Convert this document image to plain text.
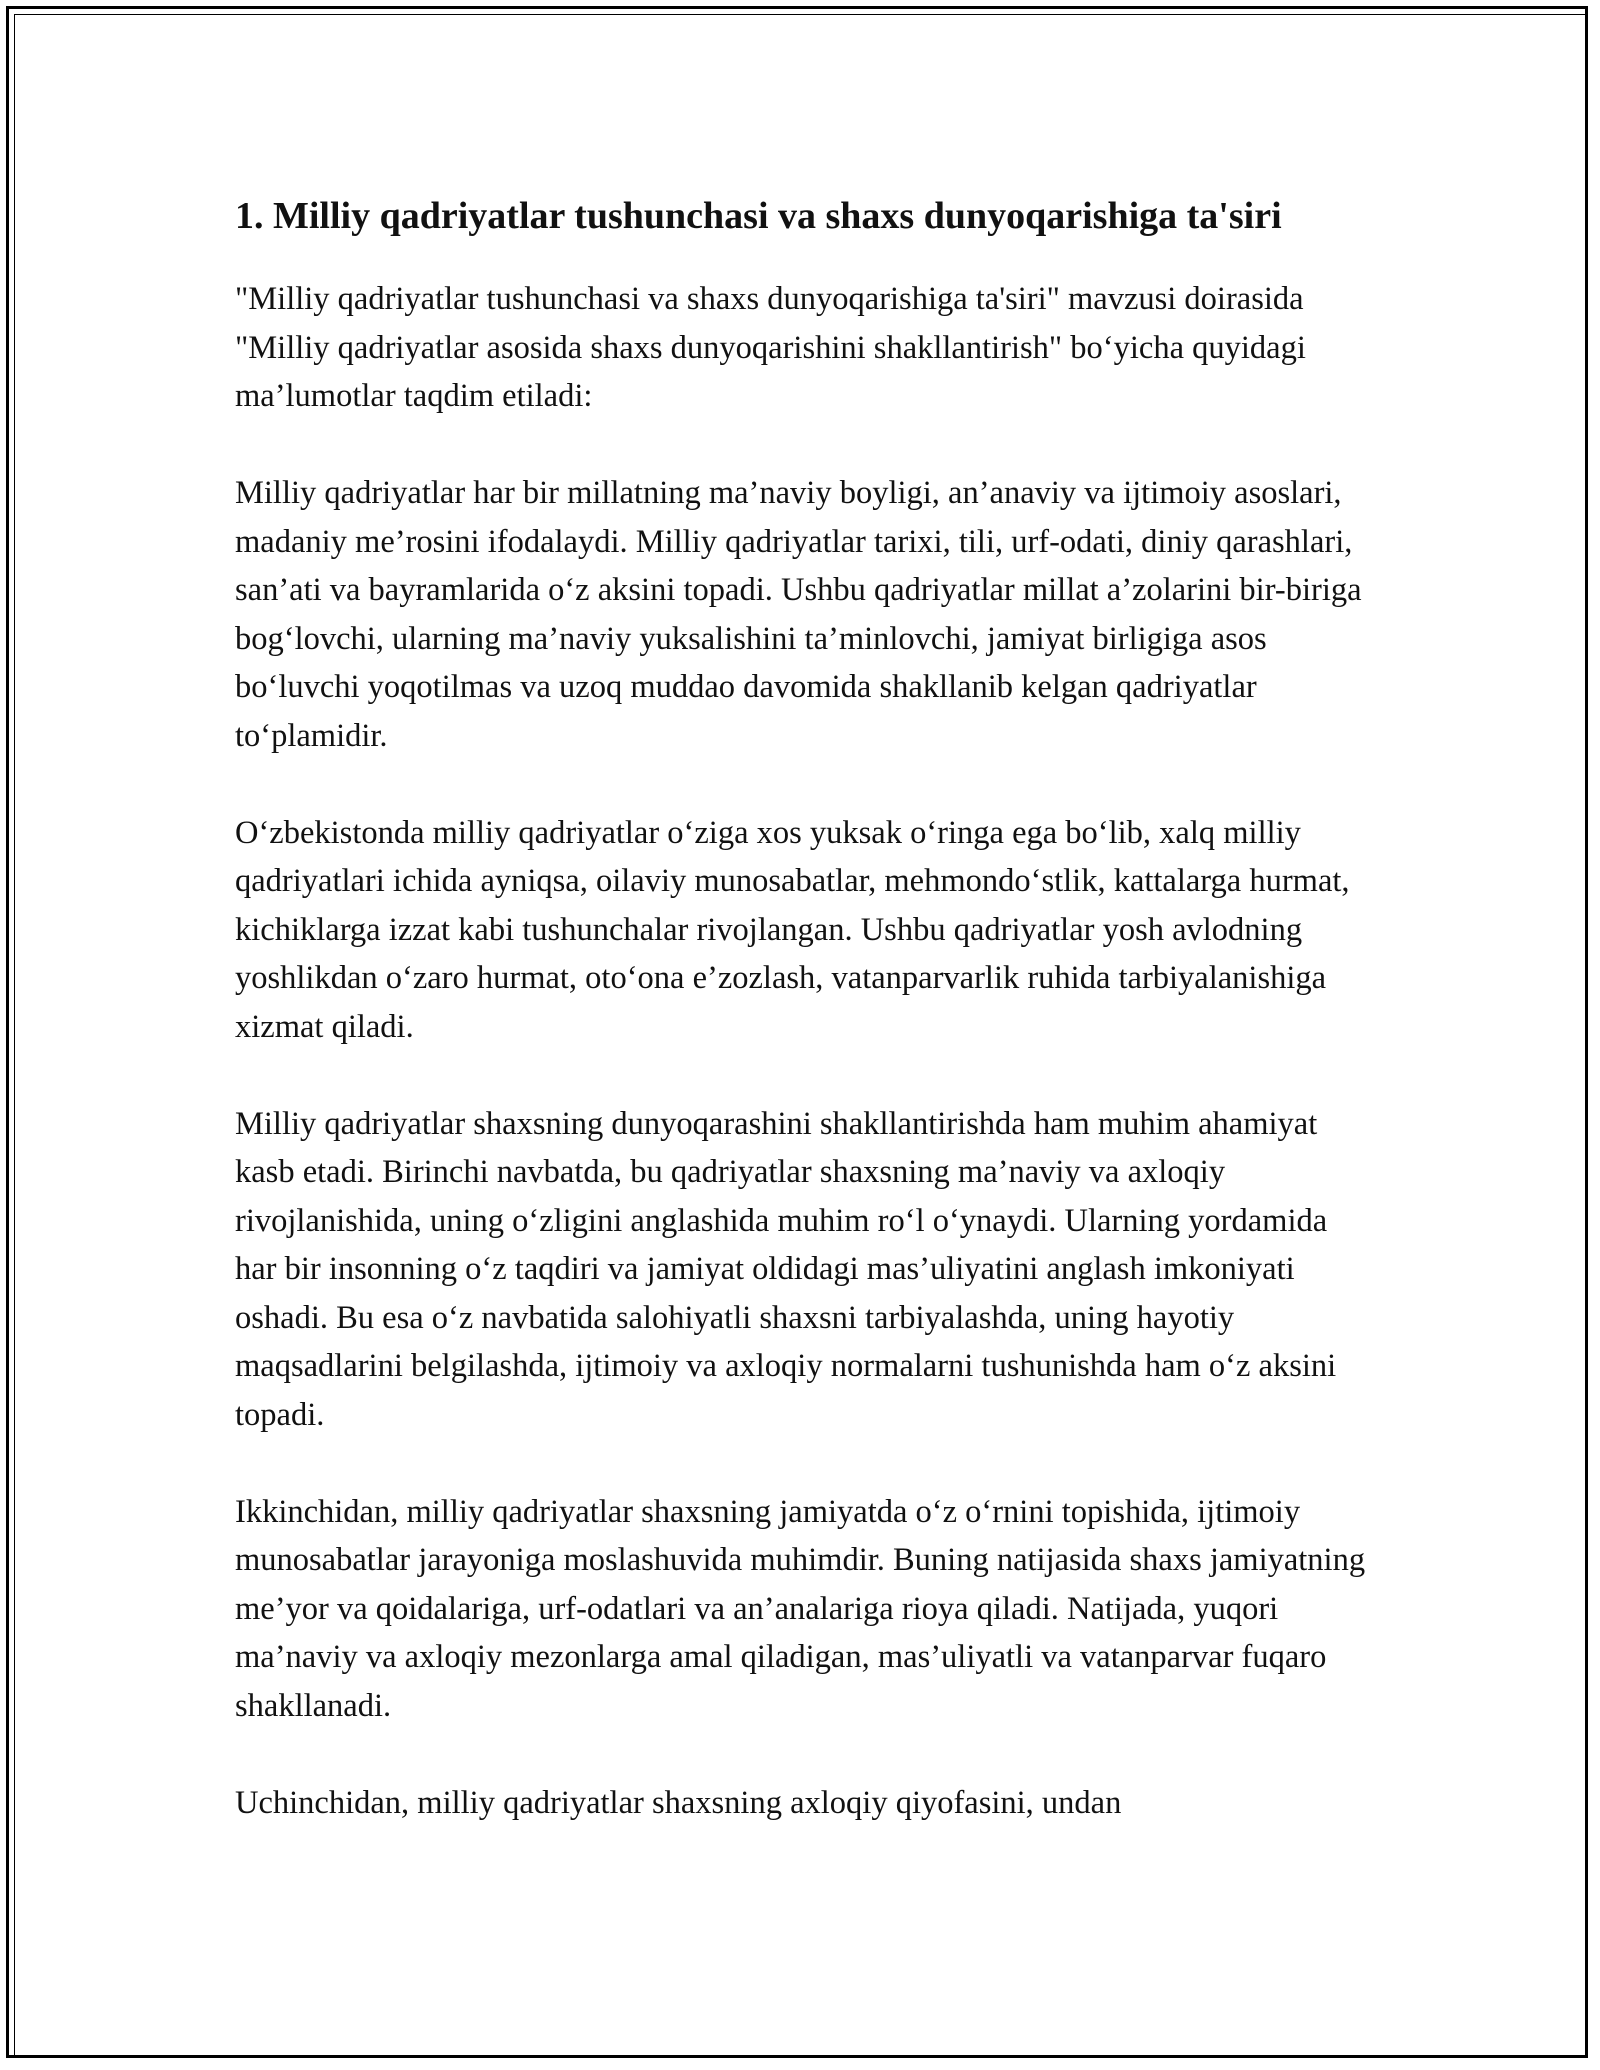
1. Milliy qadriyatlar tushunchasi va shaxs dunyoqarishiga ta'siri

"Milliy qadriyatlar tushunchasi va shaxs dunyoqarishiga ta'siri" mavzusi doirasida "Milliy qadriyatlar asosida shaxs dunyoqarishini shakllantirish" bo‘yicha quyidagi ma’lumotlar taqdim etiladi:

Milliy qadriyatlar har bir millatning ma’naviy boyligi, an’anaviy va ijtimoiy asoslari, madaniy me’rosini ifodalaydi. Milliy qadriyatlar tarixi, tili, urf-odati, diniy qarashlari, san’ati va bayramlarida o‘z aksini topadi. Ushbu qadriyatlar millat a’zolarini bir-biriga bog‘lovchi, ularning ma’naviy yuksalishini ta’minlovchi, jamiyat birligiga asos bo‘luvchi yoqotilmas va uzoq muddao davomida shakllanib kelgan qadriyatlar to‘plamidir.

O‘zbekistonda milliy qadriyatlar o‘ziga xos yuksak o‘ringa ega bo‘lib, xalq milliy qadriyatlari ichida ayniqsa, oilaviy munosabatlar, mehmondo‘stlik, kattalarga hurmat, kichiklarga izzat kabi tushunchalar rivojlangan. Ushbu qadriyatlar yosh avlodning yoshlikdan o‘zaro hurmat, oto‘ona e’zozlash, vatanparvarlik ruhida tarbiyalanishiga xizmat qiladi.

Milliy qadriyatlar shaxsning dunyoqarashini shakllantirishda ham muhim ahamiyat kasb etadi. Birinchi navbatda, bu qadriyatlar shaxsning ma’naviy va axloqiy rivojlanishida, uning o‘zligini anglashida muhim ro‘l o‘ynaydi. Ularning yordamida har bir insonning o‘z taqdiri va jamiyat oldidagi mas’uliyatini anglash imkoniyati oshadi. Bu esa o‘z navbatida salohiyatli shaxsni tarbiyalashda, uning hayotiy maqsadlarini belgilashda, ijtimoiy va axloqiy normalarni tushunishda ham o‘z aksini topadi.

Ikkinchidan, milliy qadriyatlar shaxsning jamiyatda o‘z o‘rnini topishida, ijtimoiy munosabatlar jarayoniga moslashuvida muhimdir. Buning natijasida shaxs jamiyatning me’yor va qoidalariga, urf-odatlari va an’analariga rioya qiladi. Natijada, yuqori ma’naviy va axloqiy mezonlarga amal qiladigan, mas’uliyatli va vatanparvar fuqaro shakllanadi.

Uchinchidan, milliy qadriyatlar shaxsning axloqiy qiyofasini, undan
